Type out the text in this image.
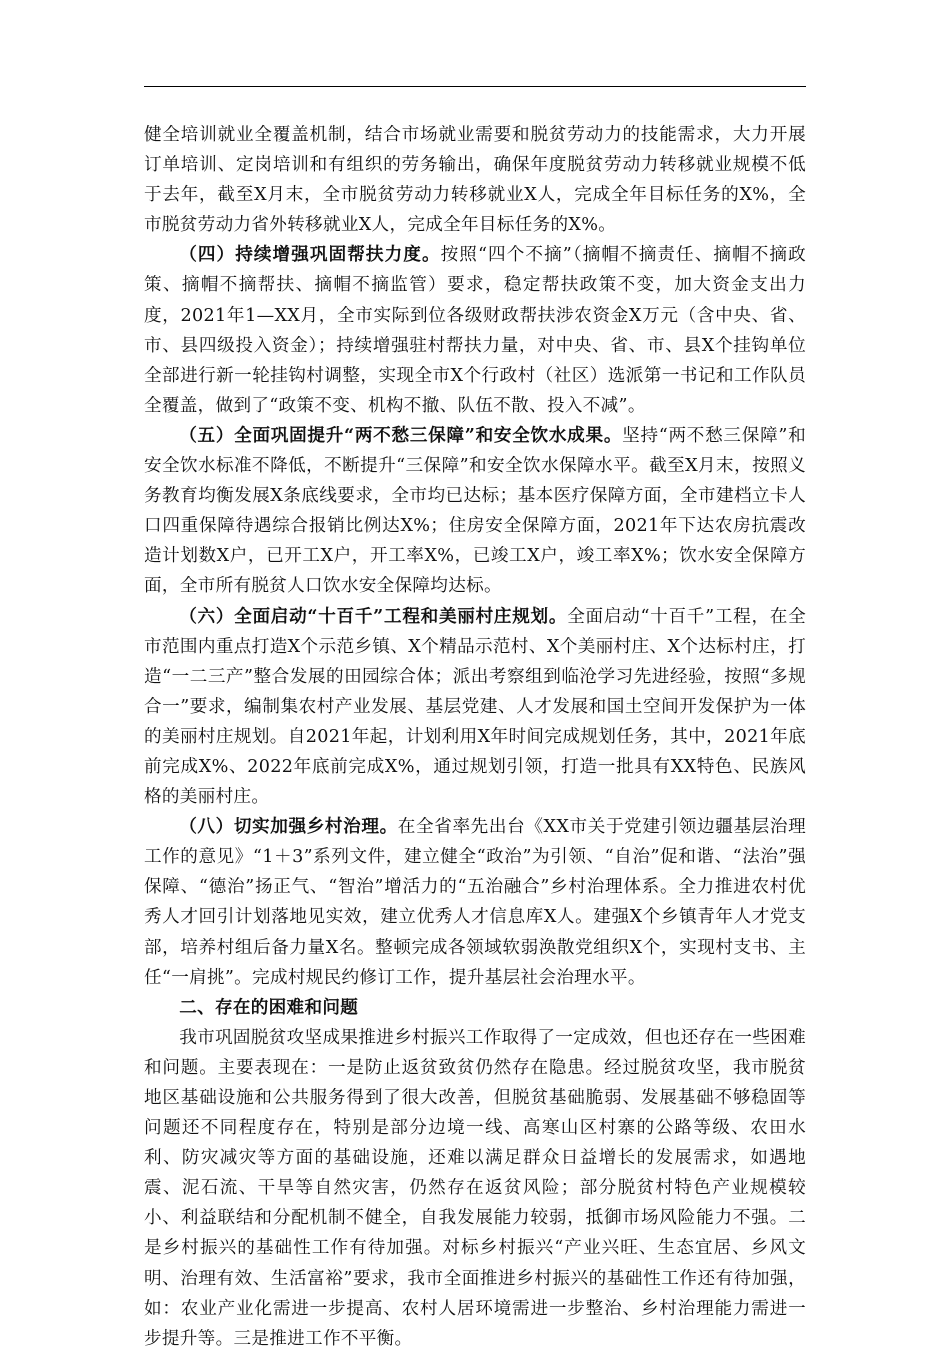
健全培训就业全覆盖机制，结合市场就业需要和脱贫劳动力的技能需求，大力开展订单培训、定岗培训和有组织的劳务输出，确保年度脱贫劳动力转移就业规模不低于去年，截至X月末，全市脱贫劳动力转移就业X人，完成全年目标任务的X%，全市脱贫劳动力省外转移就业X人，完成全年目标任务的X%。

（四）持续增强巩固帮扶力度。按照“四个不摘”（摘帽不摘责任、摘帽不摘政策、摘帽不摘帮扶、摘帽不摘监管）要求，稳定帮扶政策不变，加大资金支出力度，2021年1—XX月，全市实际到位各级财政帮扶涉农资金X万元（含中央、省、市、县四级投入资金）；持续增强驻村帮扶力量，对中央、省、市、县X个挂钩单位全部进行新一轮挂钩村调整，实现全市X个行政村（社区）选派第一书记和工作队员全覆盖，做到了“政策不变、机构不撤、队伍不散、投入不减”。

（五）全面巩固提升“两不愁三保障”和安全饮水成果。坚持“两不愁三保障”和安全饮水标准不降低，不断提升“三保障”和安全饮水保障水平。截至X月末，按照义务教育均衡发展X条底线要求，全市均已达标；基本医疗保障方面，全市建档立卡人口四重保障待遇综合报销比例达X%；住房安全保障方面，2021年下达农房抗震改造计划数X户，已开工X户，开工率X%，已竣工X户，竣工率X%；饮水安全保障方面，全市所有脱贫人口饮水安全保障均达标。

（六）全面启动“十百千”工程和美丽村庄规划。全面启动“十百千”工程，在全市范围内重点打造X个示范乡镇、X个精品示范村、X个美丽村庄、X个达标村庄，打造“一二三产”整合发展的田园综合体；派出考察组到临沧学习先进经验，按照“多规合一”要求，编制集农村产业发展、基层党建、人才发展和国土空间开发保护为一体的美丽村庄规划。自2021年起，计划利用X年时间完成规划任务，其中，2021年底前完成X%、2022年底前完成X%，通过规划引领，打造一批具有XX特色、民族风格的美丽村庄。

（八）切实加强乡村治理。在全省率先出台《XX市关于党建引领边疆基层治理工作的意见》“1＋3”系列文件，建立健全“政治”为引领、“自治”促和谐、“法治”强保障、“德治”扬正气、“智治”增活力的“五治融合”乡村治理体系。全力推进农村优秀人才回引计划落地见实效，建立优秀人才信息库X人。建强X个乡镇青年人才党支部，培养村组后备力量X名。整顿完成各领域软弱涣散党组织X个，实现村支书、主任“一肩挑”。完成村规民约修订工作，提升基层社会治理水平。

二、存在的困难和问题

我市巩固脱贫攻坚成果推进乡村振兴工作取得了一定成效，但也还存在一些困难和问题。主要表现在：一是防止返贫致贫仍然存在隐患。经过脱贫攻坚，我市脱贫地区基础设施和公共服务得到了很大改善，但脱贫基础脆弱、发展基础不够稳固等问题还不同程度存在，特别是部分边境一线、高寒山区村寨的公路等级、农田水利、防灾减灾等方面的基础设施，还难以满足群众日益增长的发展需求，如遇地震、泥石流、干旱等自然灾害，仍然存在返贫风险；部分脱贫村特色产业规模较小、利益联结和分配机制不健全，自我发展能力较弱，抵御市场风险能力不强。二是乡村振兴的基础性工作有待加强。对标乡村振兴“产业兴旺、生态宜居、乡风文明、治理有效、生活富裕”要求，我市全面推进乡村振兴的基础性工作还有待加强，如：农业产业化需进一步提高、农村人居环境需进一步整治、乡村治理能力需进一步提升等。三是推进工作不平衡。
